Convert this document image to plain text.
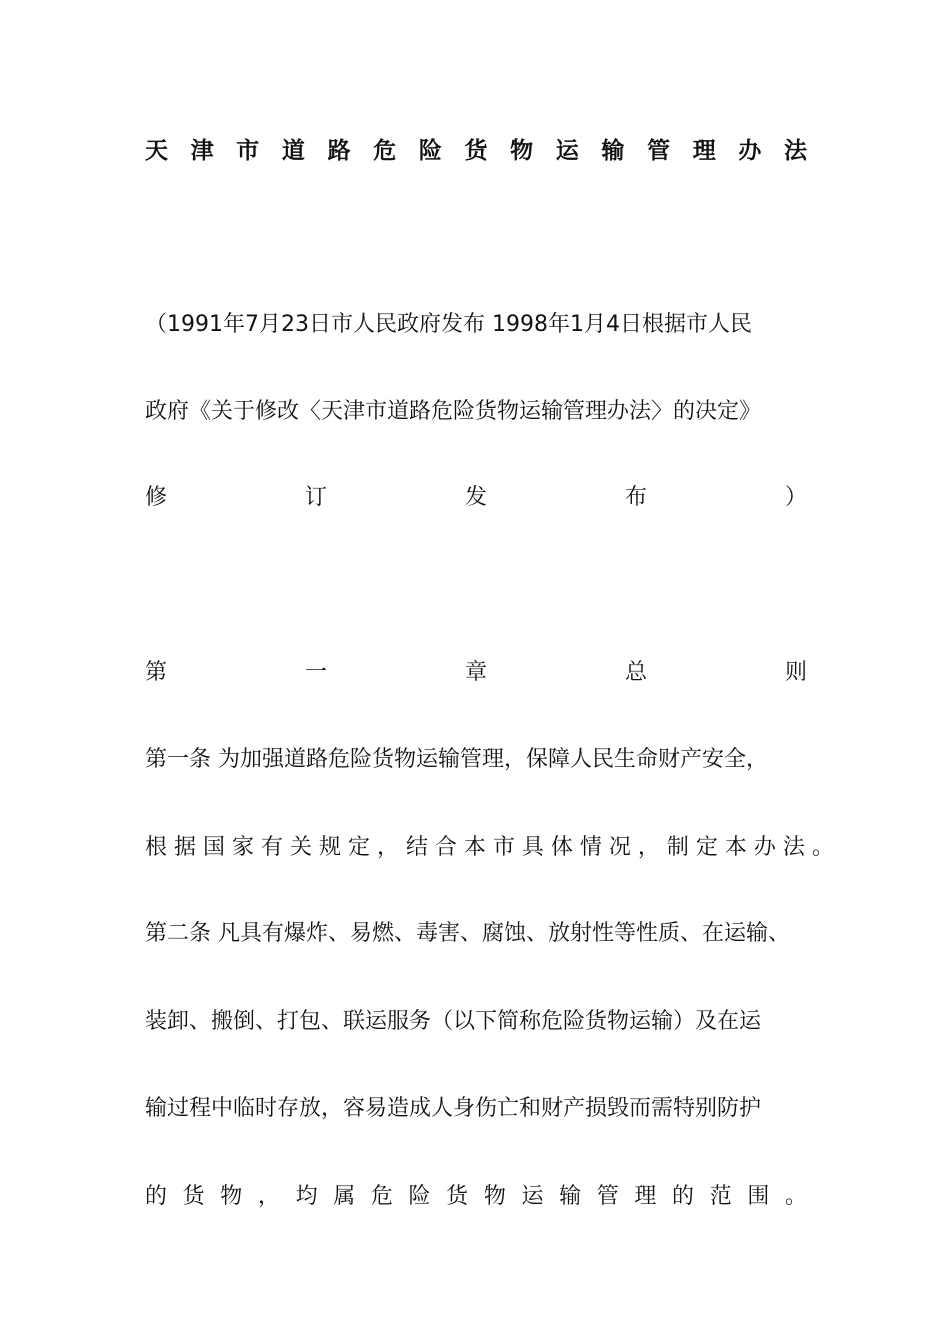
天 津 市 道 路 危 险 货 物 运 输 管 理 办 法
（1991年7月23日市人民政府发布 1998年1月4日根据市人民
政府《关于修改〈天津市道路危险货物运输管理办法〉的决定》
修 订 发 布 ）
第 一 章 总 则
第一条 为加强道路危险货物运输管理，保障人民生命财产安全，
根 据 国 家 有 关 规 定 ， 结 合 本 市 具 体 情 况 ， 制 定 本 办 法 。
第二条 凡具有爆炸、易燃、毒害、腐蚀、放射性等性质、在运输、
装卸、搬倒、打包、联运服务（以下简称危险货物运输）及在运
输过程中临时存放，容易造成人身伤亡和财产损毁而需特别防护
的 货 物 ， 均 属 危 险 货 物 运 输 管 理 的 范 围 。
